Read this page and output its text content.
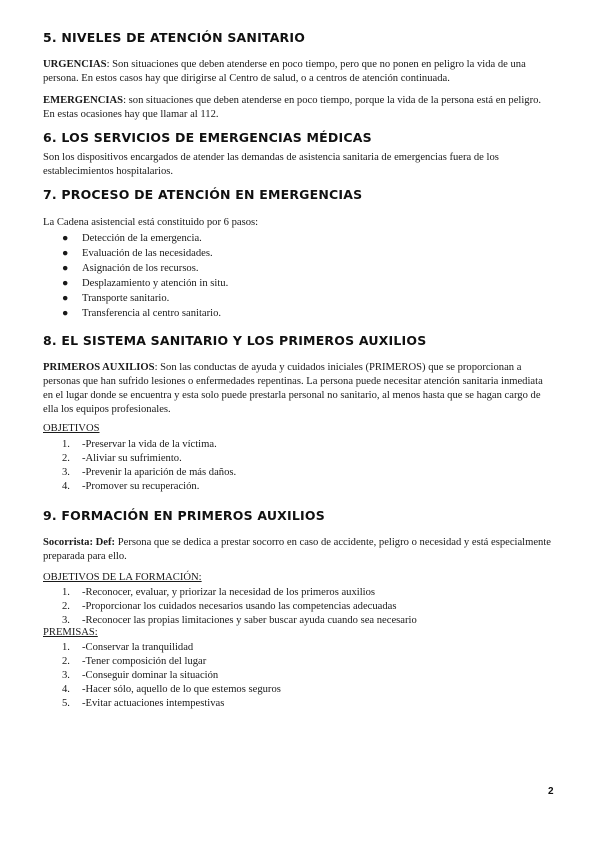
5. NIVELES DE ATENCIÓN SANITARIO
URGENCIAS: Son situaciones que deben atenderse en poco tiempo, pero que no ponen en peligro la vida de una persona. En estos casos hay que dirigirse al Centro de salud, o a centros de atención continuada.
EMERGENCIAS: son situaciones que deben atenderse en poco tiempo, porque la vida de la persona está en peligro. En estas ocasiones hay que llamar al 112.
6. LOS SERVICIOS DE EMERGENCIAS MÉDICAS
Son los dispositivos encargados de atender las demandas de asistencia sanitaria de emergencias fuera de los establecimientos hospitalarios.
7. PROCESO DE ATENCIÓN EN EMERGENCIAS
La Cadena asistencial está constituido por 6 pasos:
● Detección de la emergencia.
● Evaluación de las necesidades.
● Asignación de los recursos.
● Desplazamiento y atención in situ.
● Transporte sanitario.
● Transferencia al centro sanitario.
8. EL SISTEMA SANITARIO Y LOS PRIMEROS AUXILIOS
PRIMEROS AUXILIOS: Son las conductas de ayuda y cuidados iniciales (PRIMEROS) que se proporcionan a personas que han sufrido lesiones o enfermedades repentinas. La persona puede necesitar atención sanitaria inmediata en el lugar donde se encuentra y esta solo puede prestarla personal no sanitario, al menos hasta que se hagan cargo de ella los equipos profesionales.
OBJETIVOS
1. -Preservar la vida de la víctima.
2. -Aliviar su sufrimiento.
3. -Prevenir la aparición de más daños.
4. -Promover su recuperación.
9. FORMACIÓN EN PRIMEROS AUXILIOS
Socorrista: Def: Persona que se dedica a prestar socorro en caso de accidente, peligro o necesidad y está especialmente preparada para ello.
OBJETIVOS DE LA FORMACIÓN:
1. -Reconocer, evaluar, y priorizar la necesidad de los primeros auxilios
2. -Proporcionar los cuidados necesarios usando las competencias adecuadas
3. -Reconocer las propias limitaciones y saber buscar ayuda cuando sea necesario
PREMISAS:
1. -Conservar la tranquilidad
2. -Tener composición del lugar
3. -Conseguir dominar la situación
4. -Hacer sólo, aquello de lo que estemos seguros
5. -Evitar actuaciones intempestivas
2
